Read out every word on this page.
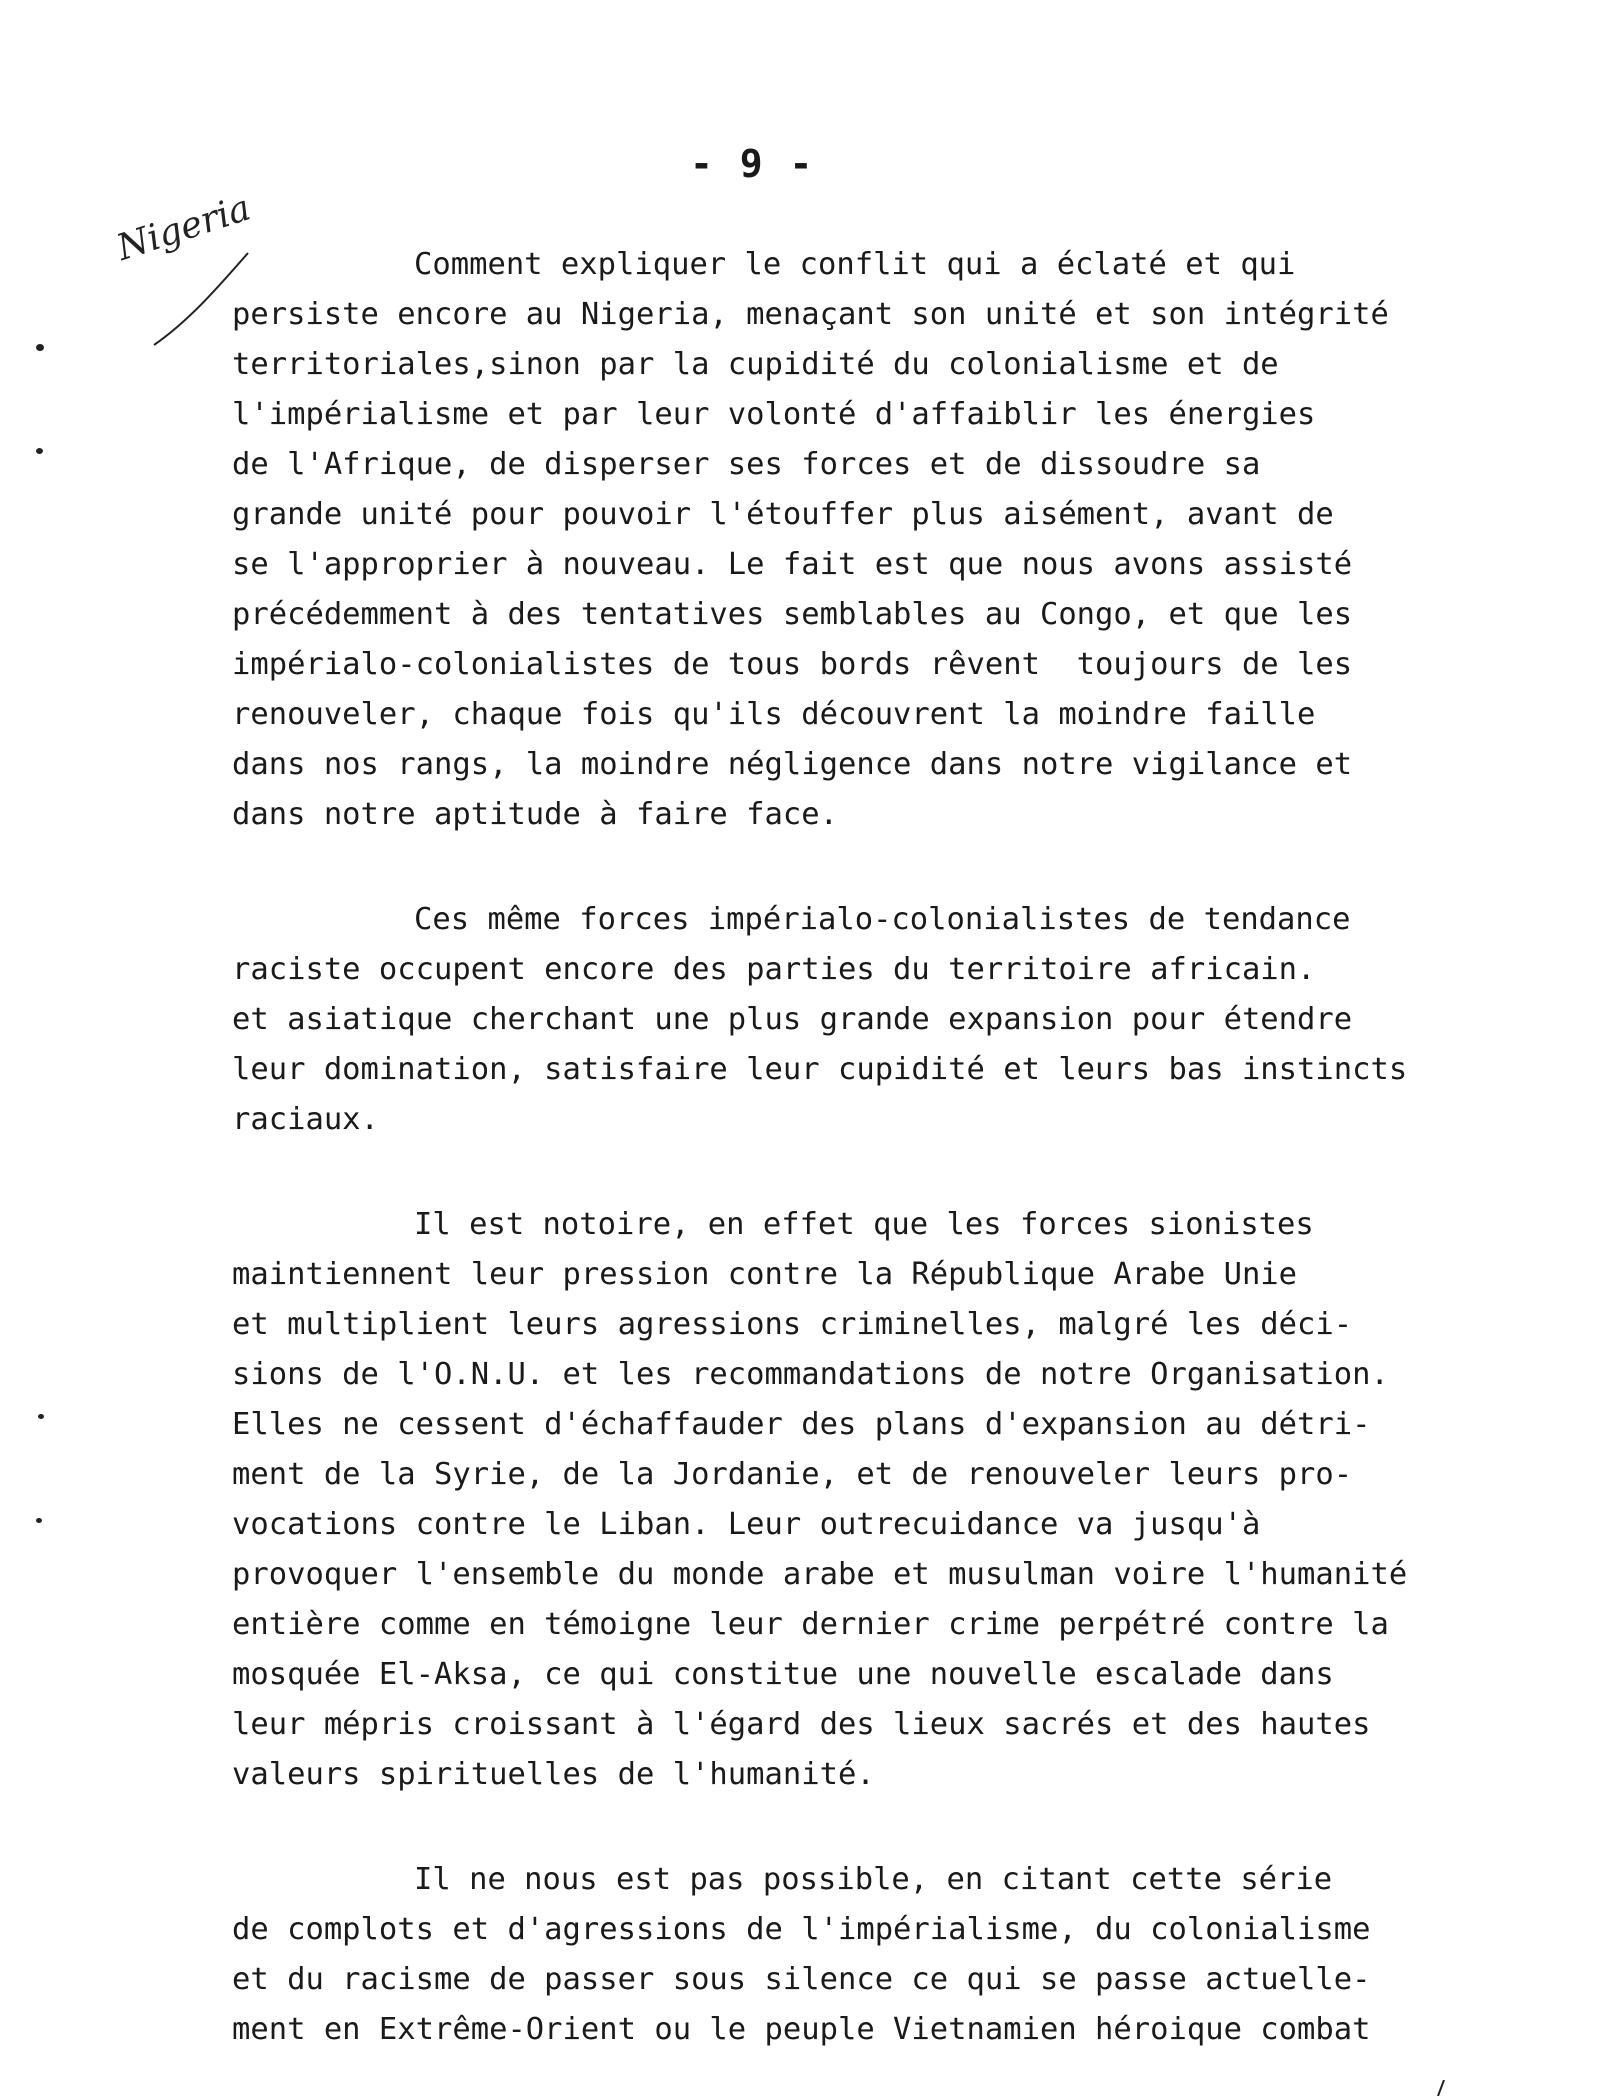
- 9 -
Nigeria	Comment expliquer le conflit qui a éclaté et qui
persiste encore au Nigeria, menaçant son unité et son intégrité
territoriales,sinon par la cupidité du colonialisme et de
l'impérialisme et par leur volonté d'affaiblir les énergies
de l'Afrique, de disperser ses forces et de dissoudre sa
grande unité pour pouvoir l'étouffer plus aisément, avant de
se l'approprier à nouveau. Le fait est que nous avons assisté
précédemment à des tentatives semblables au Congo, et que les
impérialo-colonialistes de tous bords rêvent  toujours de les
renouveler, chaque fois qu'ils découvrent la moindre faille
dans nos rangs, la moindre négligence dans notre vigilance et
dans notre aptitude à faire face.
Ces même forces impérialo-colonialistes de tendance
raciste occupent encore des parties du territoire africain.
et asiatique cherchant une plus grande expansion pour étendre
leur domination, satisfaire leur cupidité et leurs bas instincts
raciaux.
Il est notoire, en effet que les forces sionistes
maintiennent leur pression contre la République Arabe Unie
et multiplient leurs agressions criminelles, malgré les déci-
sions de l'O.N.U. et les recommandations de notre Organisation.
Elles ne cessent d'échaffauder des plans d'expansion au détri-
ment de la Syrie, de la Jordanie, et de renouveler leurs pro-
vocations contre le Liban. Leur outrecuidance va jusqu'à
provoquer l'ensemble du monde arabe et musulman voire l'humanité
entière comme en témoigne leur dernier crime perpétré contre la
mosquée El-Aksa, ce qui constitue une nouvelle escalade dans
leur mépris croissant à l'égard des lieux sacrés et des hautes
valeurs spirituelles de l'humanité.
Il ne nous est pas possible, en citant cette série
de complots et d'agressions de l'impérialisme, du colonialisme
et du racisme de passer sous silence ce qui se passe actuelle-
ment en Extrême-Orient ou le peuple Vietnamien héroique combat
